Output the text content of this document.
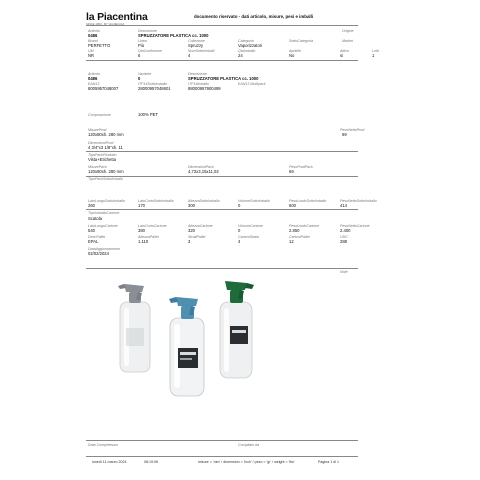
la Piacentina
SINCE 1953 · BY VALSECCHI
documento riservato - dati articolo, misure, pesi e imballi
Articolo	Descrizione	Origine
0486	SPRUZZATORE PLASTICA cc. 1000
Brand	Linea	Collezione	Categoria	SottoCategoria	Market
PERFETTO	Più	Spruzzy	Vaporizzatori
UM	QtaConfezione	NumSottoImballi	QtaImballo	Apribile	Attivo	Lotti
NR	6	4	24	No	si	1
Articolo	Variante	Descrizione
0486	0	SPRUZZATORE PLASTICA cc. 1000
EAN13	ITF14Sottoimballo	ITF14Imballo	EAN13 Multipack
8005957048007	28000957048601	88000957900499
Composizione	100% PET
MisureProd	PesoNettoProd
120x80xh. 280 mm	69
DimensioniProd
4 3/4"x3 1/8"xh. 11
TipoPackProdotto
Vista+Etichetta
MisurePack	DimensioniPack	PesoProdPack
120x80xh. 280 mm	4,72x3,15x11,02	69
TipoPackSottoImballo
LatoLungoSottoImballo	LatoCortoSottoImballo	AltezzaSottoImballo	VolumeSottoImballo	PesoLordoSottoImballo	PesoNettoSottoImballo
260	170	300	0	600	414
TipoImballoCartone
Scatola
LatoLungoCartone	LatoCortoCartone	AltezzaCartone	VolumeCartone	PesoLordoCartone	PesoNettoCartone
540	380	320	0	2.850	2.400
DescPallet	AltezzaPallet	StratiPallet	CartoniStrato	CartoniPallet	UDC
EPAL	1.110	3	4	12	288
DataAggiornamento
02/02/2024
Note
Data Completezza	Compilato da
lunedì 11 marzo 2024	08:19:06	misure = 'mm' / dimension = 'inch' / peso = 'gr' / weight = 'lbs'	Pagina 1 di 1
